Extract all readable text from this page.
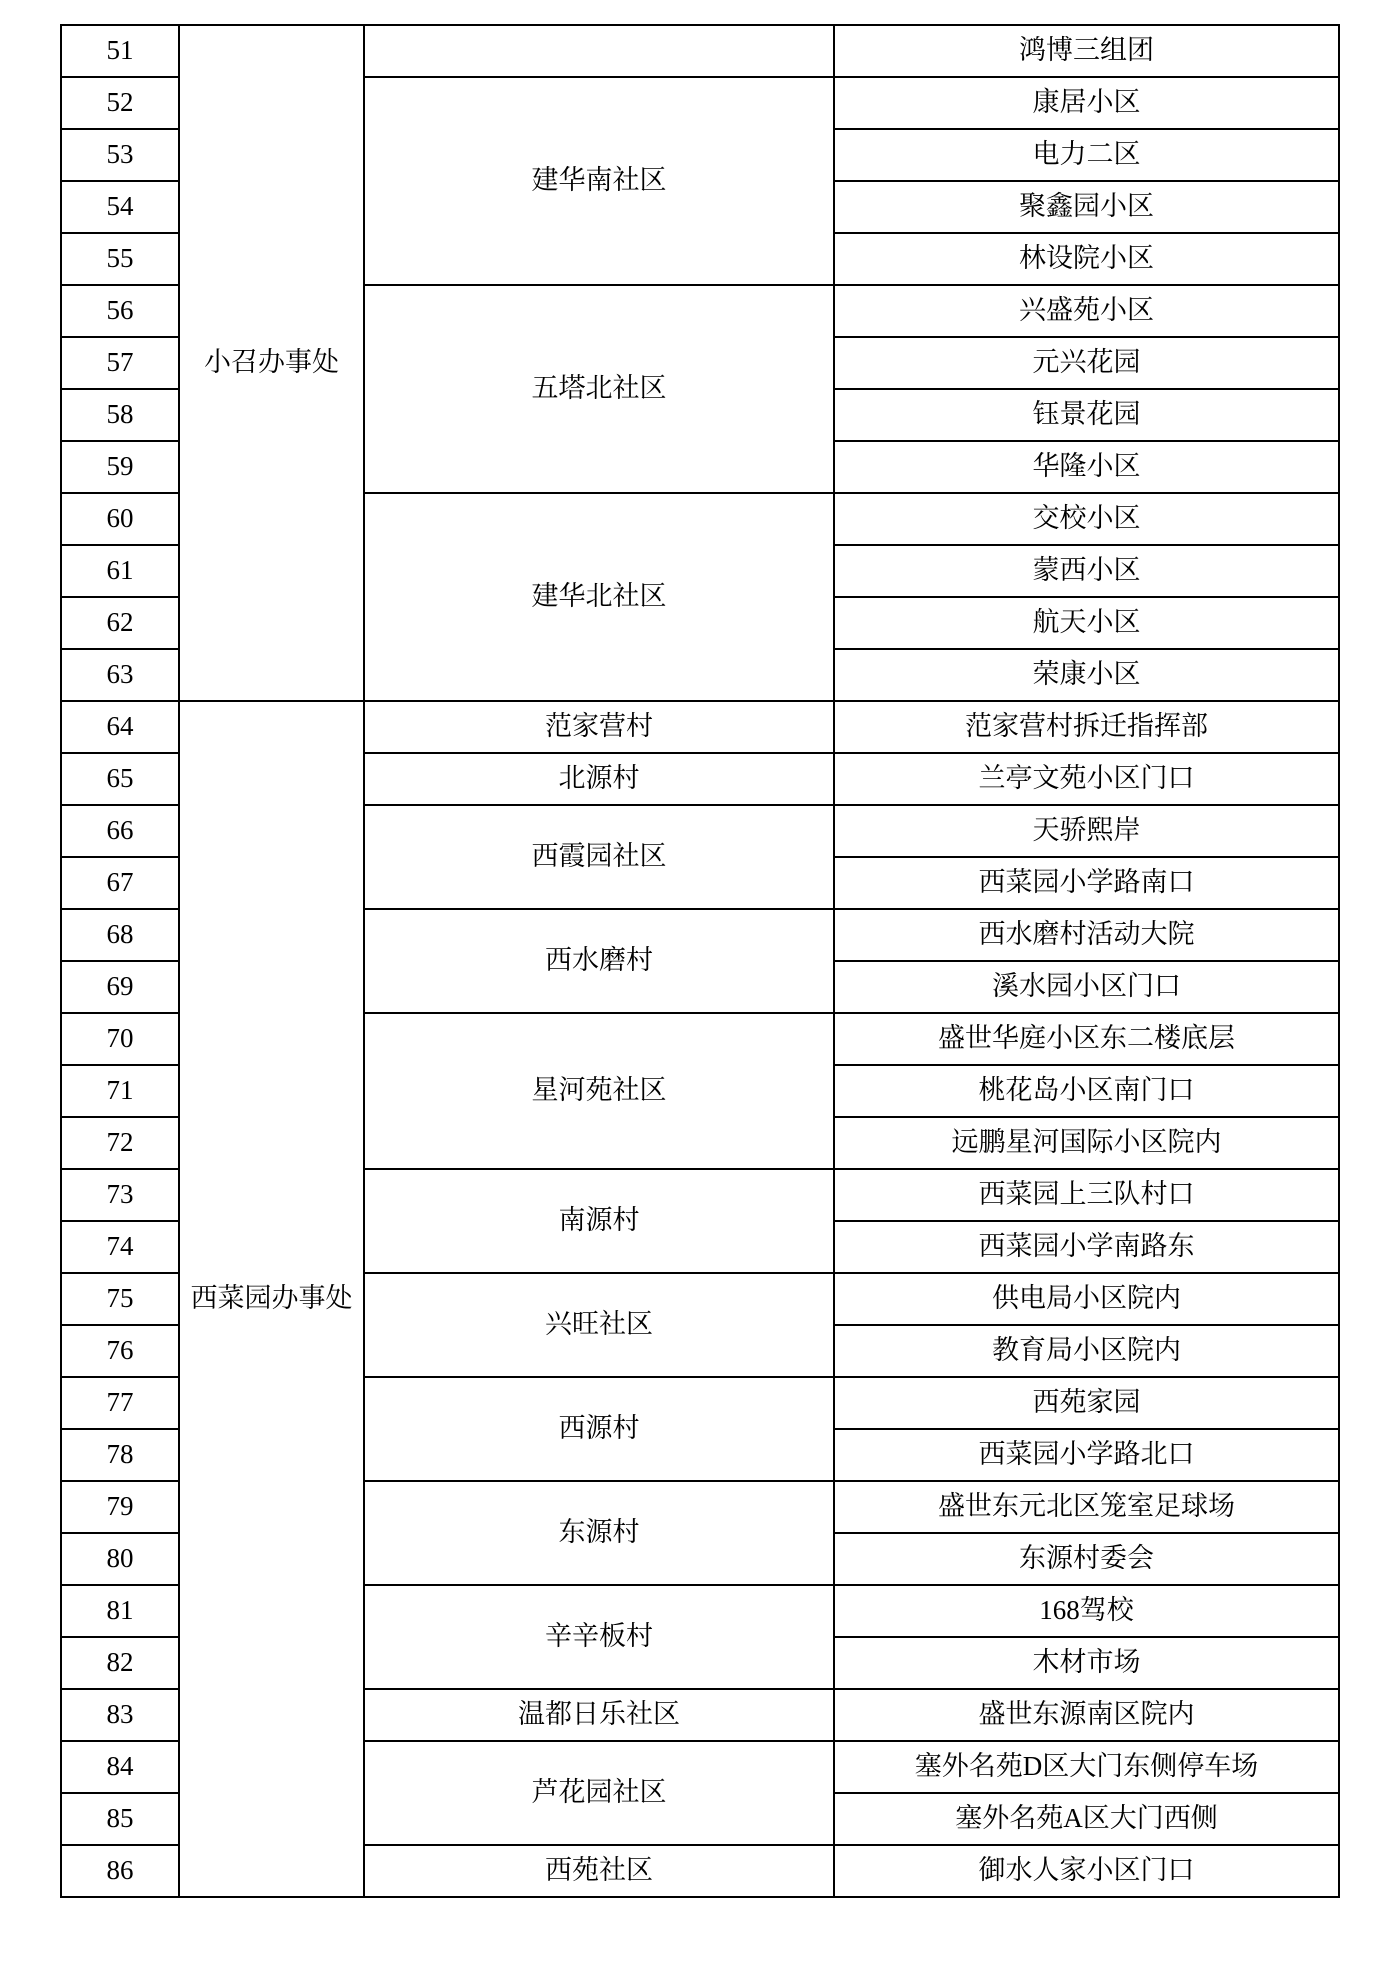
51	小召办事处		鸿博三组团
52		建华南社区	康居小区
53			电力二区
54			聚鑫园小区
55			林设院小区
56		五塔北社区	兴盛苑小区
57			元兴花园
58			钰景花园
59			华隆小区
60		建华北社区	交校小区
61			蒙西小区
62			航天小区
63			荣康小区
64	西菜园办事处	范家营村	范家营村拆迁指挥部
65		北源村	兰亭文苑小区门口
66		西霞园社区	天骄熙岸
67			西菜园小学路南口
68		西水磨村	西水磨村活动大院
69			溪水园小区门口
70		星河苑社区	盛世华庭小区东二楼底层
71			桃花岛小区南门口
72			远鹏星河国际小区院内
73		南源村	西菜园上三队村口
74			西菜园小学南路东
75		兴旺社区	供电局小区院内
76			教育局小区院内
77		西源村	西苑家园
78			西菜园小学路北口
79		东源村	盛世东元北区笼室足球场
80			东源村委会
81		辛辛板村	168驾校
82			木材市场
83		温都日乐社区	盛世东源南区院内
84		芦花园社区	塞外名苑D区大门东侧停车场
85			塞外名苑A区大门西侧
86		西苑社区	御水人家小区门口
